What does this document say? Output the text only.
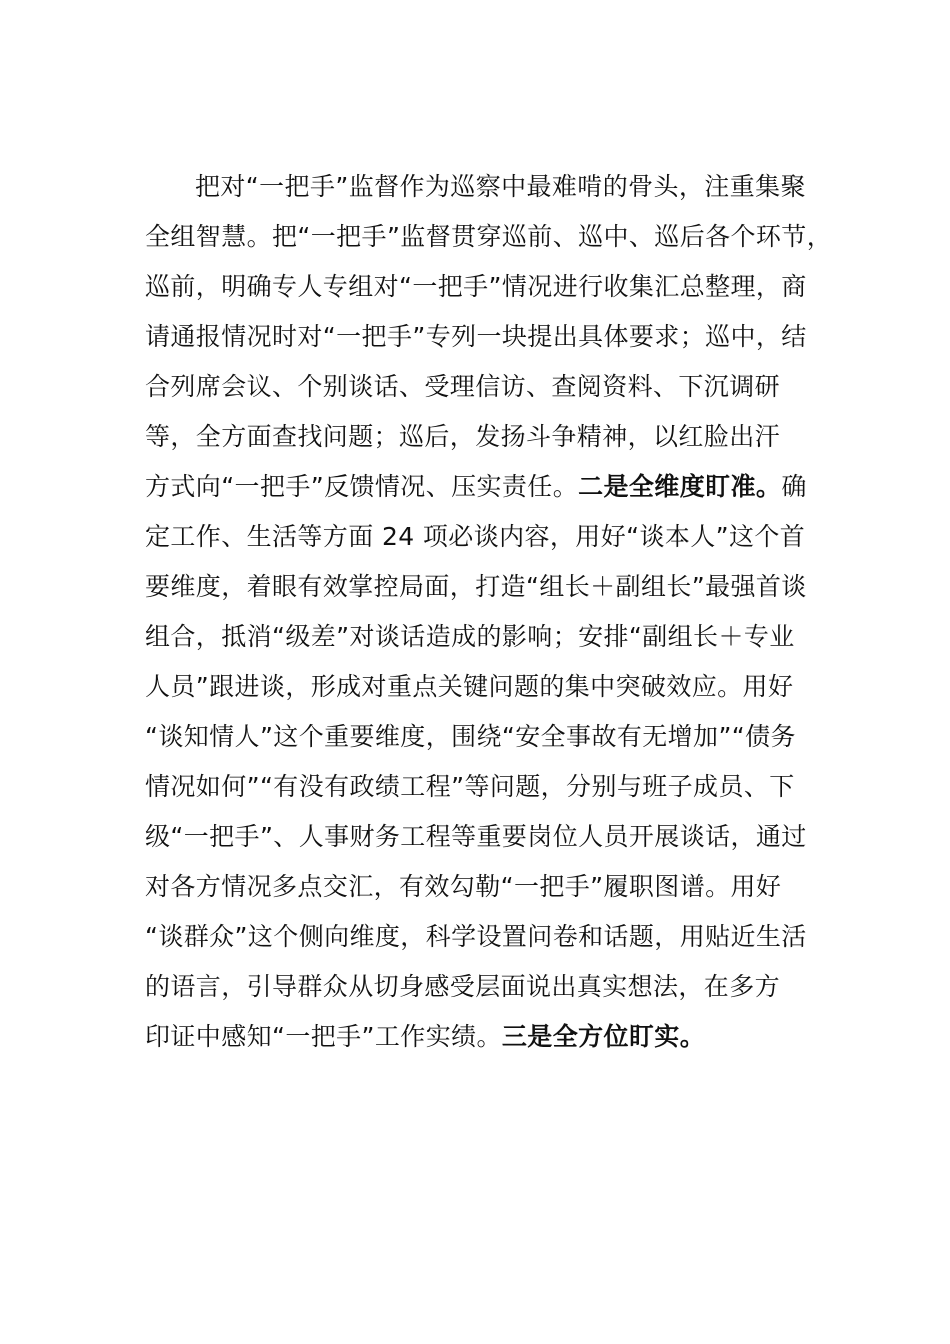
把对“一把手”监督作为巡察中最难啃的骨头，注重集聚
全组智慧。把“一把手”监督贯穿巡前、巡中、巡后各个环节，
巡前，明确专人专组对“一把手”情况进行收集汇总整理，商
请通报情况时对“一把手”专列一块提出具体要求；巡中，结
合列席会议、个别谈话、受理信访、查阅资料、下沉调研
等，全方面查找问题；巡后，发扬斗争精神，以红脸出汗
方式向“一把手”反馈情况、压实责任。二是全维度盯准。确
定工作、生活等方面 24 项必谈内容，用好“谈本人”这个首
要维度，着眼有效掌控局面，打造“组长＋副组长”最强首谈
组合，抵消“级差”对谈话造成的影响；安排“副组长＋专业
人员”跟进谈，形成对重点关键问题的集中突破效应。用好
“谈知情人”这个重要维度，围绕“安全事故有无增加”“债务
情况如何”“有没有政绩工程”等问题，分别与班子成员、下
级“一把手”、人事财务工程等重要岗位人员开展谈话，通过
对各方情况多点交汇，有效勾勒“一把手”履职图谱。用好
“谈群众”这个侧向维度，科学设置问卷和话题，用贴近生活
的语言，引导群众从切身感受层面说出真实想法，在多方
印证中感知“一把手”工作实绩。三是全方位盯实。
